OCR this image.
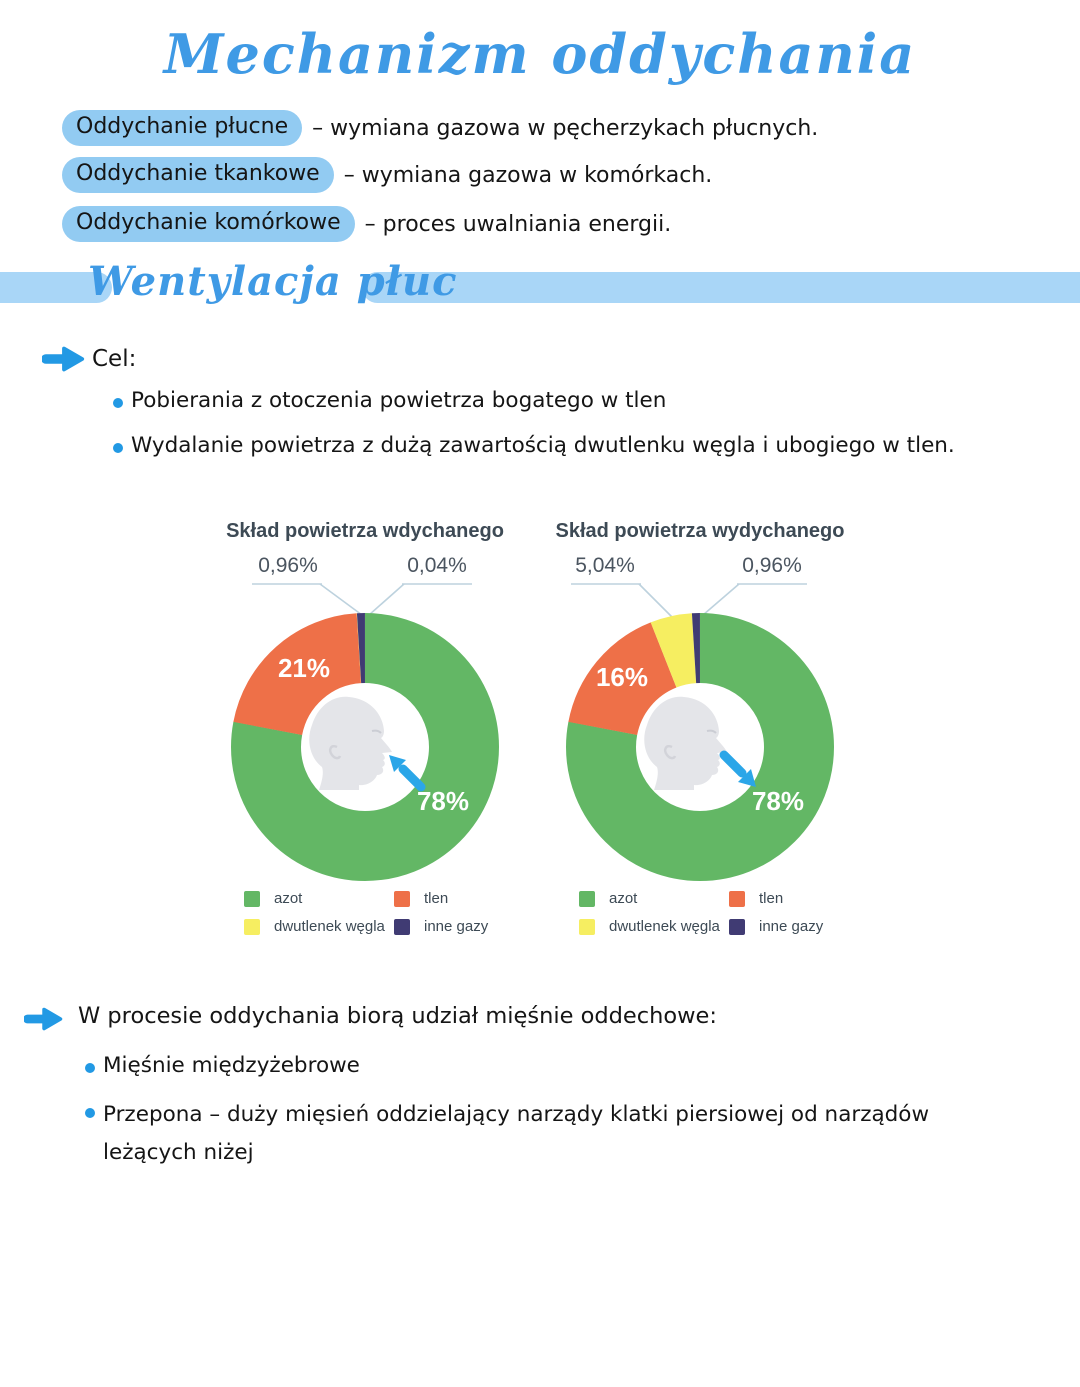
Mechanizm oddychania
Oddychanie płucne	– wymiana gazowa w pęcherzykach płucnych.
Oddychanie tkankowe	– wymiana gazowa w komórkach.
Oddychanie komórkowe	– proces uwalniania energii.
Wentylacja płuc
Cel:
Pobierania z otoczenia powietrza bogatego w tlen
Wydalanie powietrza z dużą zawartością dwutlenku węgla i ubogiego w tlen.
Skład powietrza wdychanego
0,96%	0,04%
21%
78%
azot	tlen
dwutlenek węgla	inne gazy
Skład powietrza wydychanego
5,04%	0,96%
16%
78%
azot	tlen
dwutlenek węgla	inne gazy
W procesie oddychania biorą udział mięśnie oddechowe:
Mięśnie międzyżebrowe
Przepona – duży mięsień oddzielający narządy klatki piersiowej od narządów leżących niżej
